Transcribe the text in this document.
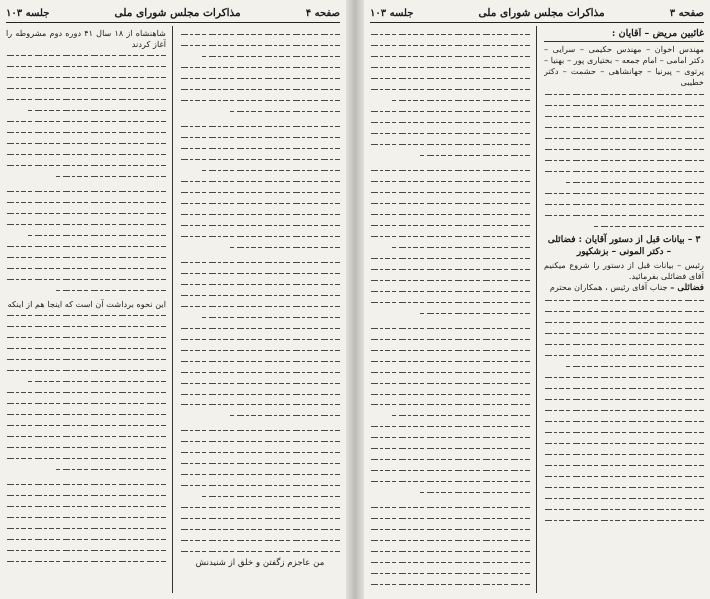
صفحه ۴
مذاکرات مجلس شورای ملی
جلسه ۱۰۳
من عاجزم زگفتن و خلق از شنیدنش
شاهنشاه از ۱۸ سال ۴۱ دوره دوم مشروطه را آغاز کردند
این نحوه برداشت آن است که اینجا هم از اینکه
صفحه ۳
مذاکرات مجلس شورای ملی
جلسه ۱۰۳
غائبین مریض – آقایان :
مهندس اخوان – مهندس حکیمی – سرایی – دکتر امامی – امام جمعه – بختیاری پور – بهنیا – پرتوی – پیرنیا – جهانشاهی – حشمت – دکتر خطیبی
۳ – بیانات قبل از دستور آقایان : فضائلی – دکتر المونی – بزشکپور
رئیس – بیانات قبل از دستور را شروع میکنیم آقای فضائلی بفرمائید.
فضائلی – جناب آقای رئیس ، همکاران محترم
